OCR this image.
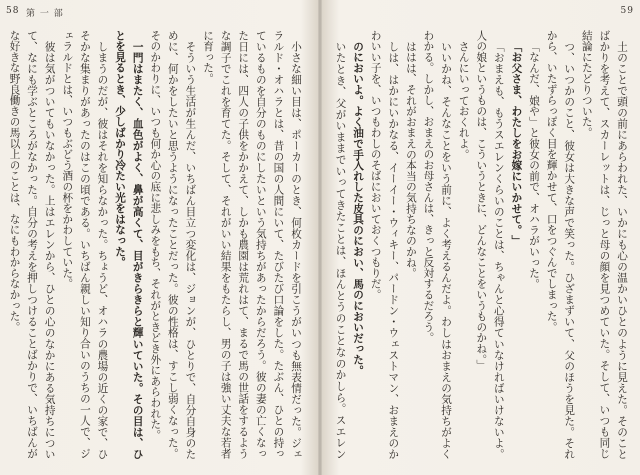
58 第 一 部

小さな細い目は、ポーカーのとき、何枚カードを引こうがいつも無表情だった。ジェラルド・オハラとは、昔の国の人間にいて、たびたび口論をした。たぶん、ひとの持っているものを自分のものにしたいという気持ちがあったからだろう。彼の妻の亡くなった日には、四人の子供をかかえて、しかも農園は荒れはて、まるで馬の世話をするような調子でこれを育てた。そして、それがいい結果をもたらし、男の子は強い丈夫な若者に育った。

そういう生活が生んだ、いちばん目立つ変化は、ジョンが、ひとりで、自分自身のために、何かをしたいと思うようになったことだった。彼の性格は、すこし弱くなった。そのかわりに、いつも何か心の底に悲しみをもち、それがときどき外にあらわれた。

一門はまたく、血色がよく、鼻が高くて、目がきらきらと輝いていた。その目は、ひとを見るとき、少しばかり冷たい光をはなった。

しまうのだが、彼はそれを知らなかった。ちょうど、オハラの農場の近くの家で、ひそかな集まりがあったのはこの頃である。いちばん親しい知り合いのうちの一人で、ジェラルドとは、いつもぶどう酒の杯をかわしていた。

彼は気がついてもいなかった。上はエレンから、ひとの心のなかにある気持ちについて、なにも学ぶところがなかった。自分の考えを押しつけることばかりで、いちばんがな好きな野良働きの馬以上のことは、なにもわからなかった。

59

土のことで頭の前にあらわれた、いかにも心の温かいひとのように見えた。そのことばかりを考えて、スカーレットは、じっと母の顔を見つめていた。そして、いつも同じ結論にたどりついた。

つ、いつかのこと、彼女は大きな声で笑った。ひざまずいて、父のほうを見た。それから、いたずらっぽく目を輝かせて、口をつぐんでしまった。

「なんだ、娘や」と彼女の前で、オハラがいった。

「お父さま、わたしをお嫁にいかせて。」

「おまえも、もうスエレンくらいのことは、ちゃんと心得ていなければいけないよ。人の娘というものは、こういうときに、どんなことをいうものかね。」

さんにいっておくれよ。

いいかね、そんなことをいう前に、よく考えるんだよ。わしはおまえの気持ちがよくわかる。しかし、おまえのお母さんは、きっと反対するだろう。

ははは、それがおまえの本当の気持ちなのかね。

しは、はかにいかなる、イーイー・ウィキー、パードン・ウェストマン、おまえのかわいい子を、いつもわしのそばにおいておくつもりだ。

のにおいよ。よく油で手入れした皮具のにおい、馬のにおいだった。

いたとき、父がいままでいってきたことは、ほんとうのことなのかしら。スエレン
